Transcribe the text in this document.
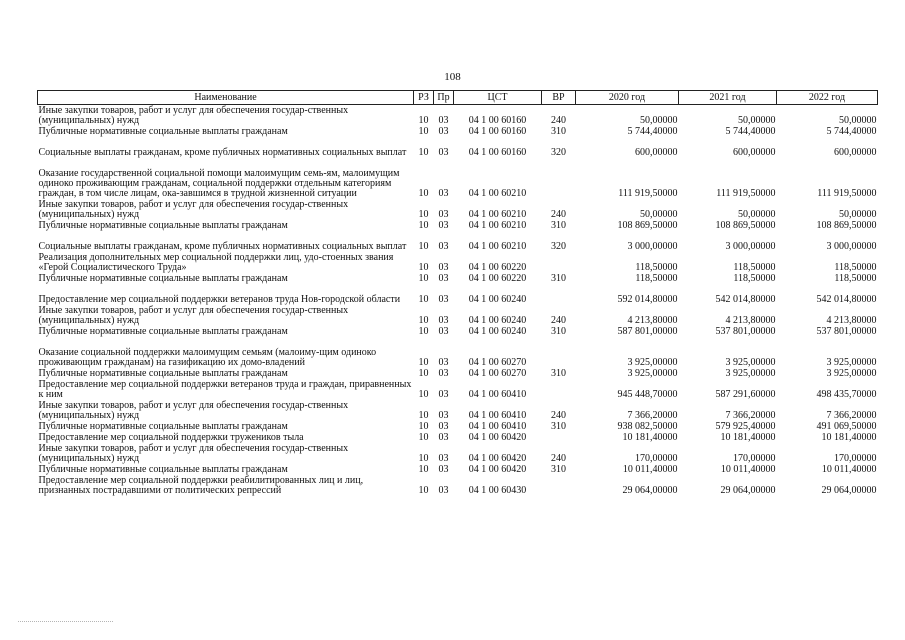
108
Наименование	РЗ	Пр	ЦСТ	ВР	2020 год	2021 год	2022 год
Иные закупки товаров, работ и услуг для обеспечения государ-ственных (муниципальных) нужд	10	03	04 1 00 60160	240	50,00000	50,00000	50,00000
Публичные нормативные социальные выплаты гражданам	10	03	04 1 00 60160	310	5 744,40000	5 744,40000	5 744,40000
Социальные выплаты гражданам, кроме публичных нормативных социальных выплат	10	03	04 1 00 60160	320	600,00000	600,00000	600,00000
Оказание государственной социальной помощи малоимущим семь-ям, малоимущим одиноко проживающим гражданам, социальной поддержки отдельным категориям граждан, в том числе лицам, ока-завшимся в трудной жизненной ситуации	10	03	04 1 00 60210		111 919,50000	111 919,50000	111 919,50000
Иные закупки товаров, работ и услуг для обеспечения государ-ственных (муниципальных) нужд	10	03	04 1 00 60210	240	50,00000	50,00000	50,00000
Публичные нормативные социальные выплаты гражданам	10	03	04 1 00 60210	310	108 869,50000	108 869,50000	108 869,50000
Социальные выплаты гражданам, кроме публичных нормативных социальных выплат	10	03	04 1 00 60210	320	3 000,00000	3 000,00000	3 000,00000
Реализация дополнительных мер социальной поддержки лиц, удо-стоенных звания «Герой Социалистического Труда»	10	03	04 1 00 60220		118,50000	118,50000	118,50000
Публичные нормативные социальные выплаты гражданам	10	03	04 1 00 60220	310	118,50000	118,50000	118,50000
Предоставление мер социальной поддержки ветеранов труда Нов-городской области	10	03	04 1 00 60240		592 014,80000	542 014,80000	542 014,80000
Иные закупки товаров, работ и услуг для обеспечения государ-ственных (муниципальных) нужд	10	03	04 1 00 60240	240	4 213,80000	4 213,80000	4 213,80000
Публичные нормативные социальные выплаты гражданам	10	03	04 1 00 60240	310	587 801,00000	537 801,00000	537 801,00000
Оказание социальной поддержки малоимущим семьям (малоиму-щим одиноко проживающим гражданам) на газификацию их домо-владений	10	03	04 1 00 60270		3 925,00000	3 925,00000	3 925,00000
Публичные нормативные социальные выплаты гражданам	10	03	04 1 00 60270	310	3 925,00000	3 925,00000	3 925,00000
Предоставление мер социальной поддержки ветеранов труда и граждан, приравненных к ним	10	03	04 1 00 60410		945 448,70000	587 291,60000	498 435,70000
Иные закупки товаров, работ и услуг для обеспечения государ-ственных (муниципальных) нужд	10	03	04 1 00 60410	240	7 366,20000	7 366,20000	7 366,20000
Публичные нормативные социальные выплаты гражданам	10	03	04 1 00 60410	310	938 082,50000	579 925,40000	491 069,50000
Предоставление мер социальной поддержки тружеников тыла	10	03	04 1 00 60420		10 181,40000	10 181,40000	10 181,40000
Иные закупки товаров, работ и услуг для обеспечения государ-ственных (муниципальных) нужд	10	03	04 1 00 60420	240	170,00000	170,00000	170,00000
Публичные нормативные социальные выплаты гражданам	10	03	04 1 00 60420	310	10 011,40000	10 011,40000	10 011,40000
Предоставление мер социальной поддержки реабилитированных лиц и лиц, признанных пострадавшими от политических репрессий	10	03	04 1 00 60430		29 064,00000	29 064,00000	29 064,00000
